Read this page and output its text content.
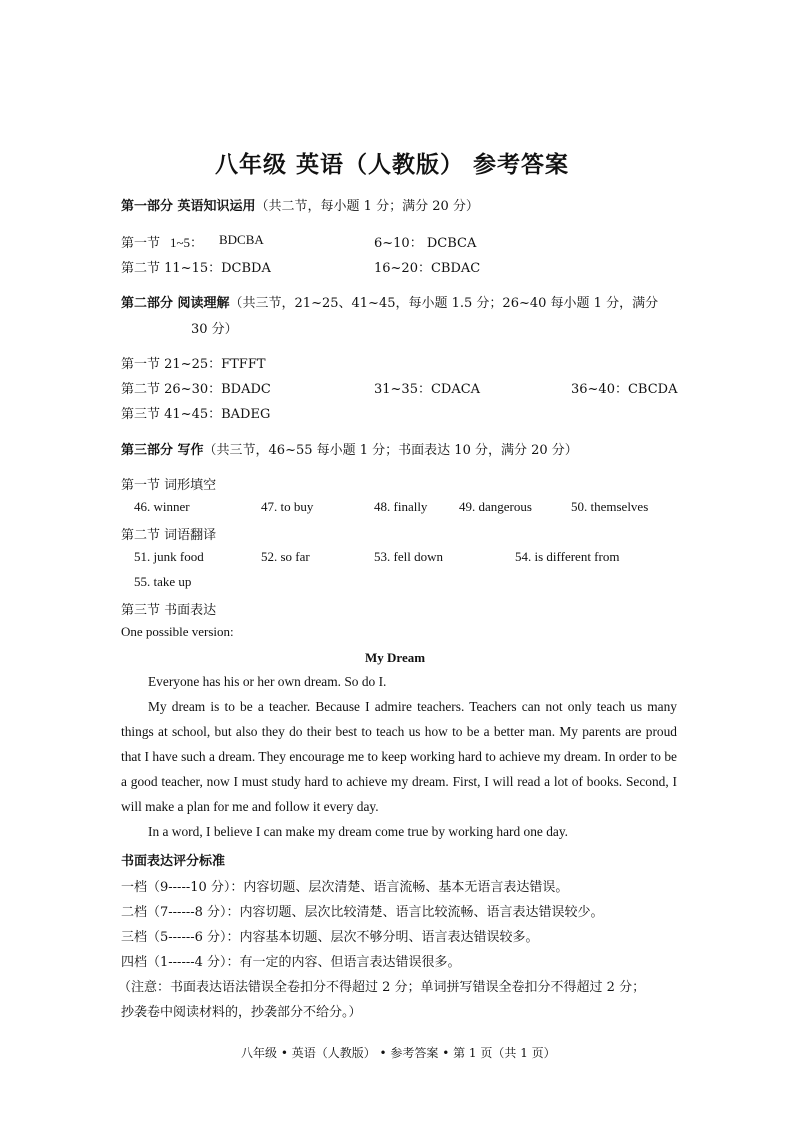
八年级 英语（人教版） 参考答案
第一部分 英语知识运用（共二节，每小题 1 分；满分 20 分）
第一节 1~5： BDCBA	6~10： DCBCA
第二节 11~15：DCBDA	16~20：CBDAC
第二部分 阅读理解（共三节，21~25、41~45，每小题 1.5 分；26~40 每小题 1 分，满分
30 分）
第一节 21~25：FTFFT
第二节 26~30：BDADC	31~35：CDACA	36~40：CBCDA
第三节 41~45：BADEG
第三部分 写作（共三节，46~55 每小题 1 分；书面表达 10 分，满分 20 分）
第一节 词形填空
46. winner	47. to buy	48. finally 49. dangerous	50. themselves
第二节 词语翻译
51. junk food	52. so far	53. fell down	54. is different from
55. take up
第三节 书面表达
One possible version:
My Dream

Everyone has his or her own dream. So do I.

My dream is to be a teacher. Because I admire teachers. Teachers can not only teach us many things at school, but also they do their best to teach us how to be a better man. My parents are proud that I have such a dream. They encourage me to keep working hard to achieve my dream. In order to be a good teacher, now I must study hard to achieve my dream. First, I will read a lot of books. Second, I will make a plan for me and follow it every day.

In a word, I believe I can make my dream come true by working hard one day.

书面表达评分标准
一档（9-----10 分）：内容切题、层次清楚、语言流畅、基本无语言表达错误。
二档（7------8 分）：内容切题、层次比较清楚、语言比较流畅、语言表达错误较少。
三档（5------6 分）：内容基本切题、层次不够分明、语言表达错误较多。
四档（1------4 分）：有一定的内容、但语言表达错误很多。
（注意：书面表达语法错误全卷扣分不得超过 2 分；单词拼写错误全卷扣分不得超过 2 分；
抄袭卷中阅读材料的，抄袭部分不给分。）
八年级 • 英语（人教版） • 参考答案 • 第 1 页（共 1 页）
